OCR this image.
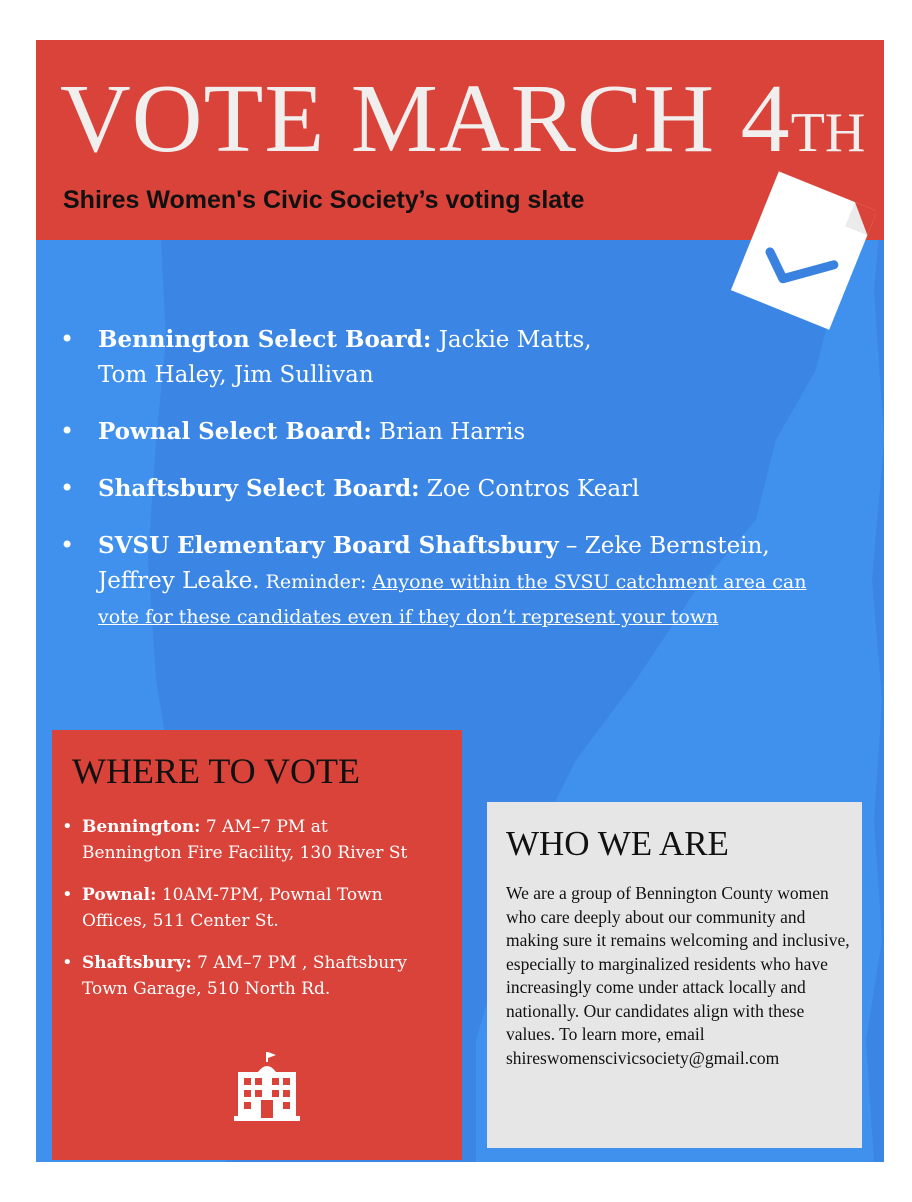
VOTE MARCH 4TH
Shires Women's Civic Society’s voting slate
• Bennington Select Board: Jackie Matts,
Tom Haley, Jim Sullivan
• Pownal Select Board: Brian Harris
• Shaftsbury Select Board: Zoe Contros Kearl
• SVSU Elementary Board Shaftsbury – Zeke Bernstein, Jeffrey Leake. Reminder: Anyone within the SVSU catchment area can vote for these candidates even if they don’t represent your town
WHERE TO VOTE
• Bennington: 7 AM–7 PM at Bennington Fire Facility, 130 River St
• Pownal: 10AM-7PM, Pownal Town Offices, 511 Center St.
• Shaftsbury: 7 AM–7 PM , Shaftsbury Town Garage, 510 North Rd.
WHO WE ARE

We are a group of Bennington County women who care deeply about our community and making sure it remains welcoming and inclusive, especially to marginalized residents who have increasingly come under attack locally and nationally. Our candidates align with these values. To learn more, email shireswomenscivicsociety@gmail.com
